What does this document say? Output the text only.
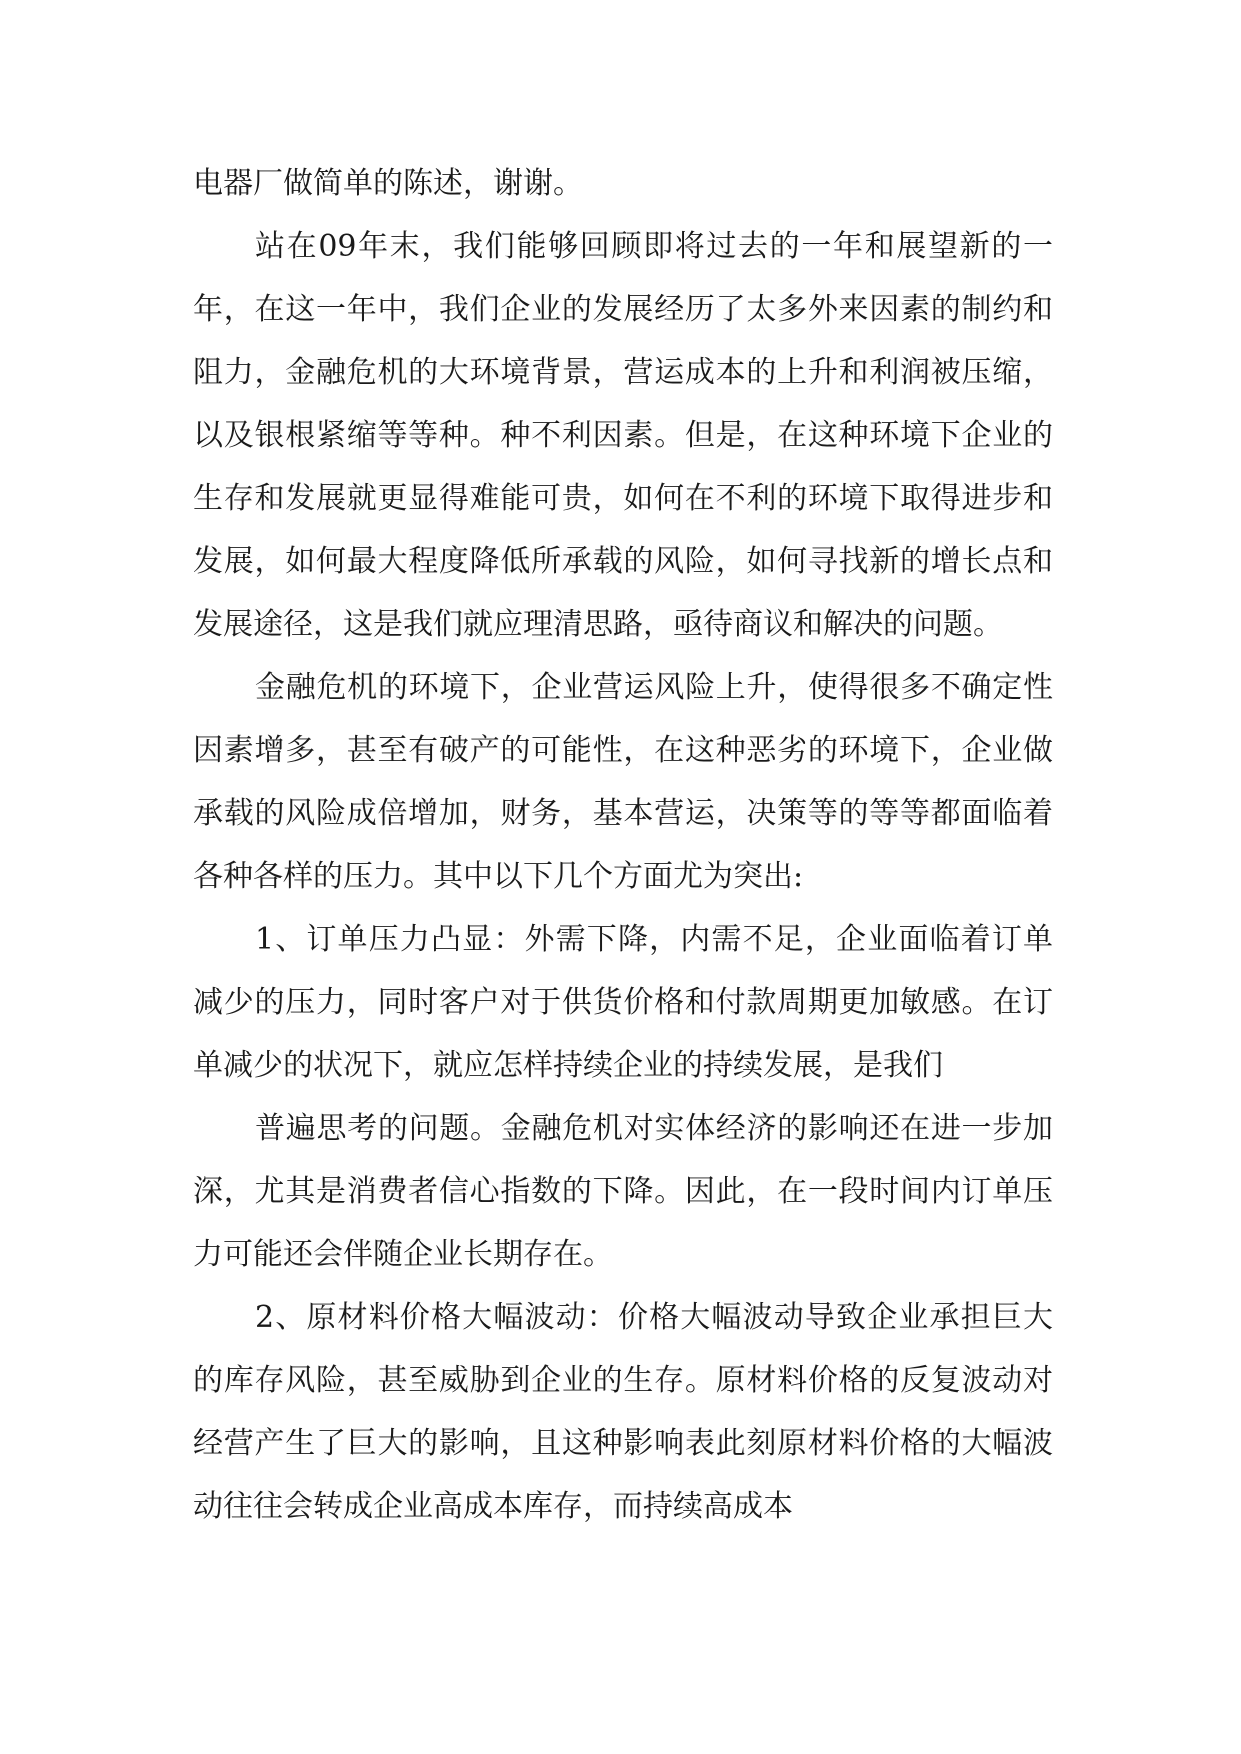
电器厂做简单的陈述，谢谢。

站在09年末，我们能够回顾即将过去的一年和展望新的一年，在这一年中，我们企业的发展经历了太多外来因素的制约和阻力，金融危机的大环境背景，营运成本的上升和利润被压缩，以及银根紧缩等等种。种不利因素。但是，在这种环境下企业的生存和发展就更显得难能可贵，如何在不利的环境下取得进步和发展，如何最大程度降低所承载的风险，如何寻找新的增长点和发展途径，这是我们就应理清思路，亟待商议和解决的问题。

金融危机的环境下，企业营运风险上升，使得很多不确定性因素增多，甚至有破产的可能性，在这种恶劣的环境下，企业做承载的风险成倍增加，财务，基本营运，决策等的等等都面临着各种各样的压力。其中以下几个方面尤为突出:

1、订单压力凸显：外需下降，内需不足，企业面临着订单减少的压力，同时客户对于供货价格和付款周期更加敏感。在订单减少的状况下，就应怎样持续企业的持续发展，是我们

普遍思考的问题。金融危机对实体经济的影响还在进一步加深，尤其是消费者信心指数的下降。因此，在一段时间内订单压力可能还会伴随企业长期存在。

2、原材料价格大幅波动：价格大幅波动导致企业承担巨大的库存风险，甚至威胁到企业的生存。原材料价格的反复波动对经营产生了巨大的影响，且这种影响表此刻原材料价格的大幅波动往往会转成企业高成本库存，而持续高成本
